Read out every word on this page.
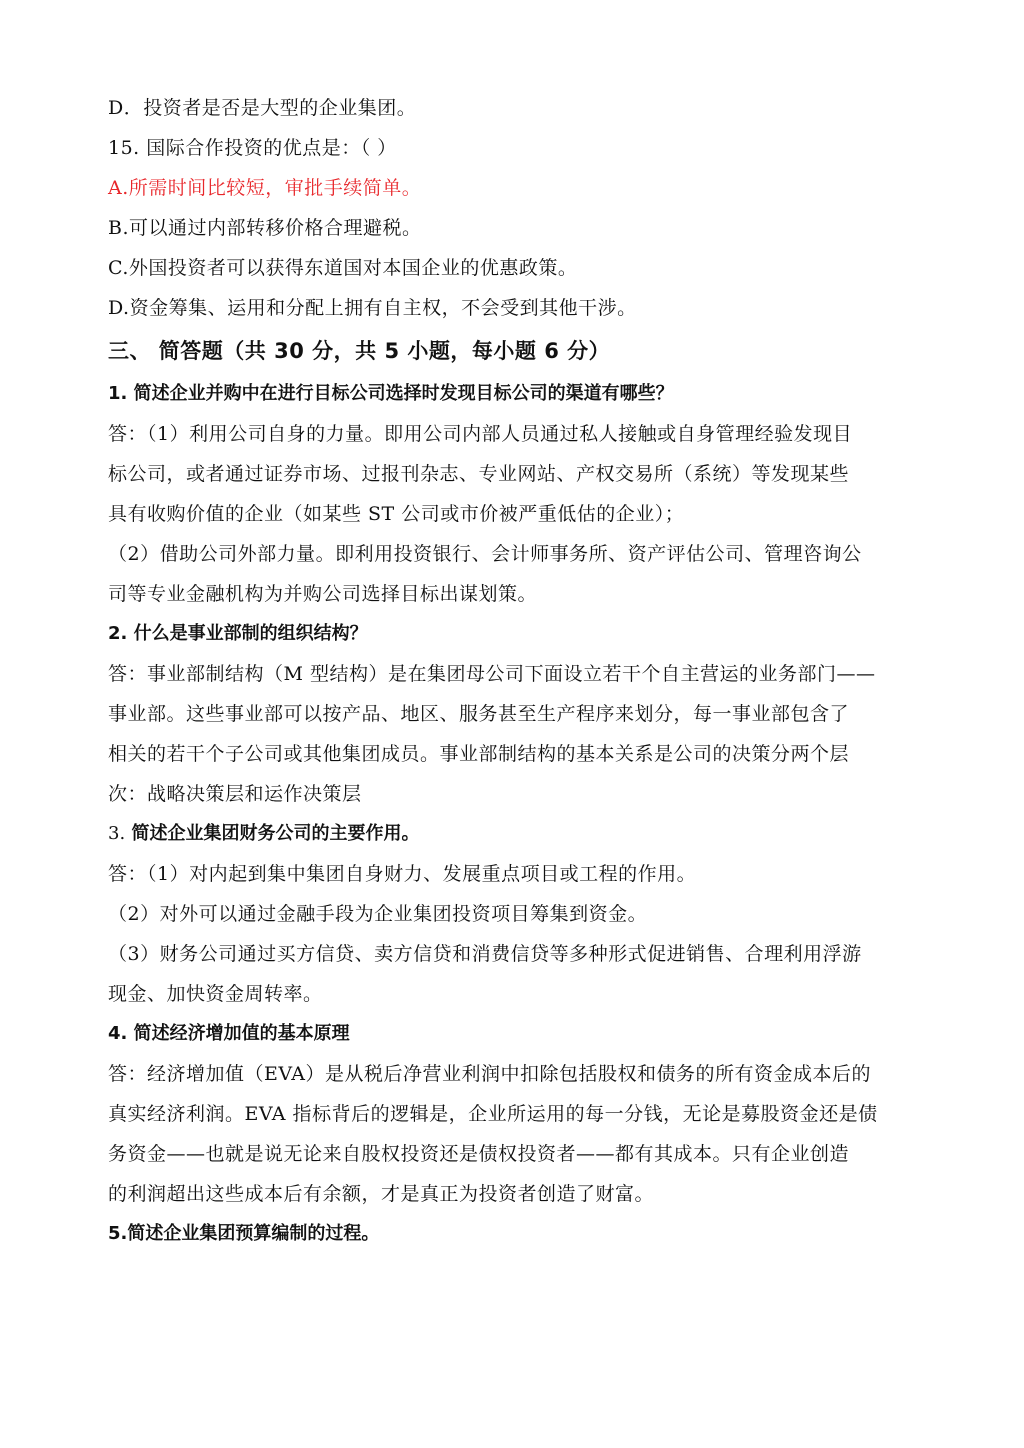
D．投资者是否是大型的企业集团。
15. 国际合作投资的优点是：（ ）
A.所需时间比较短，审批手续简单。
B.可以通过内部转移价格合理避税。
C.外国投资者可以获得东道国对本国企业的优惠政策。
D.资金筹集、运用和分配上拥有自主权，不会受到其他干涉。
三、 简答题（共 30 分，共 5 小题，每小题 6 分）
1. 简述企业并购中在进行目标公司选择时发现目标公司的渠道有哪些？
答：（1）利用公司自身的力量。即用公司内部人员通过私人接触或自身管理经验发现目
标公司，或者通过证券市场、过报刊杂志、专业网站、产权交易所（系统）等发现某些
具有收购价值的企业（如某些 ST 公司或市价被严重低估的企业）；
（2）借助公司外部力量。即利用投资银行、会计师事务所、资产评估公司、管理咨询公
司等专业金融机构为并购公司选择目标出谋划策。
2. 什么是事业部制的组织结构？
答：事业部制结构（M 型结构）是在集团母公司下面设立若干个自主营运的业务部门——
事业部。这些事业部可以按产品、地区、服务甚至生产程序来划分，每一事业部包含了
相关的若干个子公司或其他集团成员。事业部制结构的基本关系是公司的决策分两个层
次：战略决策层和运作决策层
3. 简述企业集团财务公司的主要作用。
答：（1）对内起到集中集团自身财力、发展重点项目或工程的作用。
（2）对外可以通过金融手段为企业集团投资项目筹集到资金。
（3）财务公司通过买方信贷、卖方信贷和消费信贷等多种形式促进销售、合理利用浮游
现金、加快资金周转率。
4. 简述经济增加值的基本原理
答：经济增加值（EVA）是从税后净营业利润中扣除包括股权和债务的所有资金成本后的
真实经济利润。EVA 指标背后的逻辑是，企业所运用的每一分钱，无论是募股资金还是债
务资金——也就是说无论来自股权投资还是债权投资者——都有其成本。只有企业创造
的利润超出这些成本后有余额，才是真正为投资者创造了财富。
5.简述企业集团预算编制的过程。
